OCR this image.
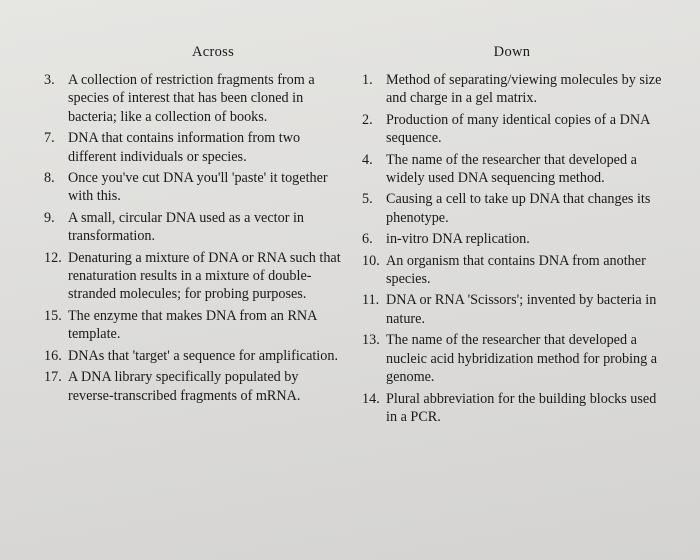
Across
3. A collection of restriction fragments from a species of interest that has been cloned in bacteria; like a collection of books.
7. DNA that contains information from two different individuals or species.
8. Once you've cut DNA you'll 'paste' it together with this.
9. A small, circular DNA used as a vector in transformation.
12. Denaturing a mixture of DNA or RNA such that renaturation results in a mixture of double-stranded molecules; for probing purposes.
15. The enzyme that makes DNA from an RNA template.
16. DNAs that 'target' a sequence for amplification.
17. A DNA library specifically populated by reverse-transcribed fragments of mRNA.
Down
1. Method of separating/viewing molecules by size and charge in a gel matrix.
2. Production of many identical copies of a DNA sequence.
4. The name of the researcher that developed a widely used DNA sequencing method.
5. Causing a cell to take up DNA that changes its phenotype.
6. in-vitro DNA replication.
10. An organism that contains DNA from another species.
11. DNA or RNA 'Scissors'; invented by bacteria in nature.
13. The name of the researcher that developed a nucleic acid hybridization method for probing a genome.
14. Plural abbreviation for the building blocks used in a PCR.
